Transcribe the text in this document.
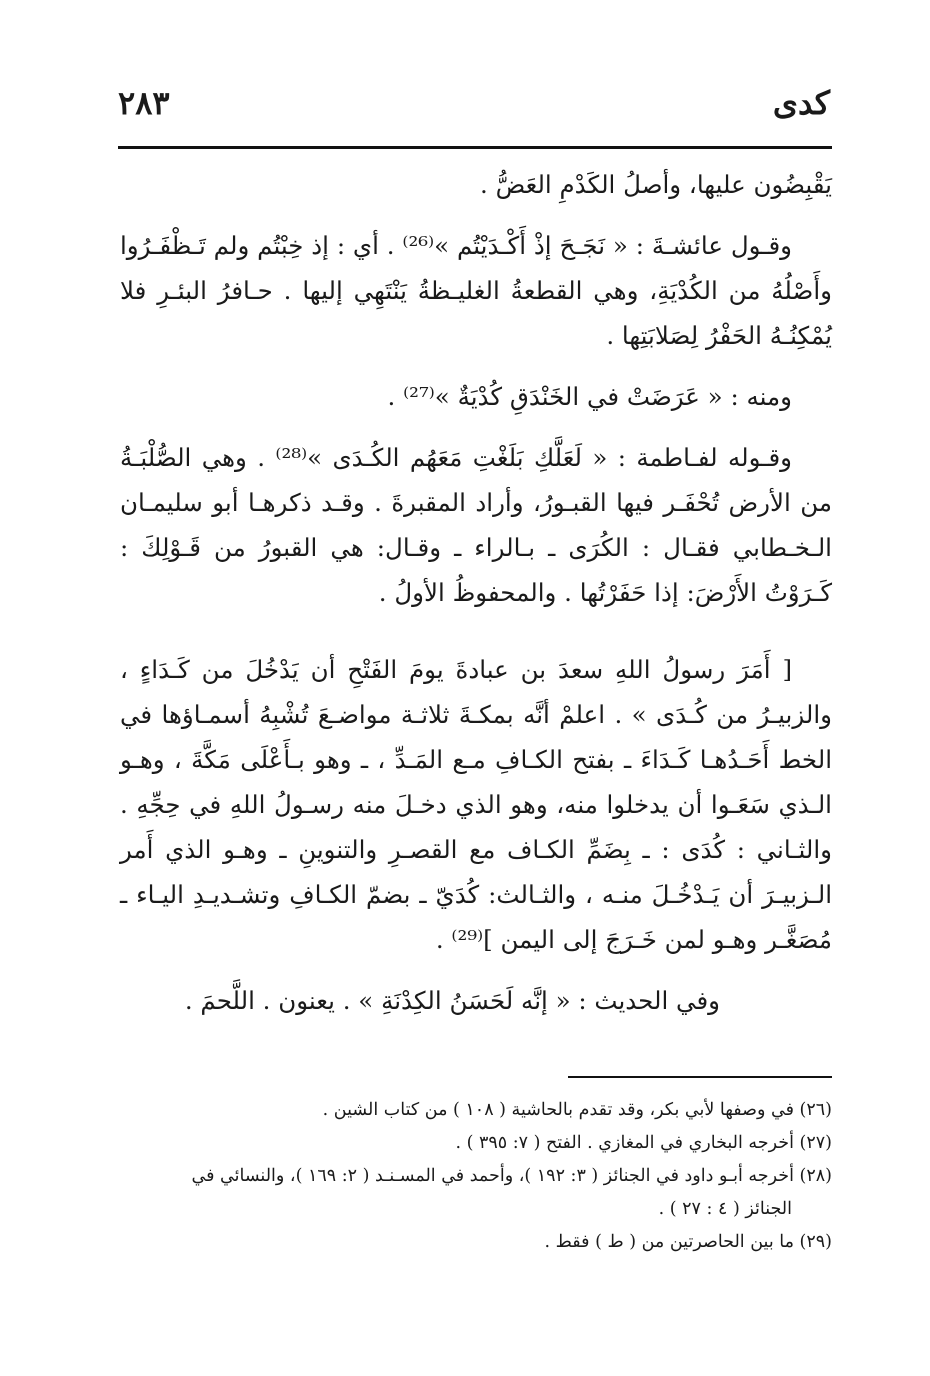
كدى
٢٨٣

يَقْبِضُون عليها، وأصلُ الكَدْمِ العَضُّ .

وقـول عائشـةَ : « نَجَـحَ إذْ أَكْـدَيْتُم »⁽²⁶⁾ . أي : إذ خِبْتُم ولم تَـظْفَـرُوا وأَصْلُهُ من الكُدْيَةِ، وهي القطعةُ الغليـظةُ يَنْتَهِي إليها . حـافرُ البئـرِ فلا يُمْكِنُـهُ الحَفْرُ لِصَلابَتِها .

ومنه : « عَرَضَتْ في الخَنْدَقِ كُدْيَةٌ »⁽²⁷⁾ .

وقـوله لفـاطمة : « لَعَلَّكِ بَلَغْتِ مَعَهُم الكُـدَى »⁽²⁸⁾ . وهي الصُّلْبَـةُ من الأرض تُحْفَـر فيها القبـورُ، وأراد المقبرةَ . وقـد ذكرهـا أبو سليمـان الـخـطابي فقـال : الكُرَى ـ بـالراء ـ وقـال: هي القبورُ من قَـوْلِكَ : كَـرَوْتُ الأَرْضَ: إذا حَفَرْتُها . والمحفوظُ الأولُ .

[ أَمَرَ رسولُ اللهِ سعدَ بن عبادةَ يومَ الفَتْحِ أن يَدْخُلَ من كَـدَاءٍ ، والزبيـرُ من كُـدَى » . اعلمْ أنَّه بمكـةَ ثلاثـة مواضـعَ تُشْبِهُ أسمـاؤها في الخط أَحَـدُهـا كَـدَاءَ ـ بفتح الكـافِ مـع المَـدِّ ، ـ وهو بـأَعْلَى مَكَّةَ ، وهـو الـذي سَعَـوا أن يدخلوا منه، وهو الذي دخـلَ منه رسـولُ اللهِ في حِجِّهِ . والثـاني : كُدَى : ـ بِضَمِّ الكـاف مع القصـرِ والتنوينِ ـ وهـو الذي أَمر الـزبيـرَ أن يَـدْخُـلَ منـه ، والثـالث: كُدَيّ ـ بضمّ الكـافِ وتشـديـدِ اليـاء ـ مُصَغَّـر وهـو لمن خَـرَجَ إلى اليمن ]⁽²⁹⁾ .

وفي الحديث : « إنَّه لَحَسَنُ الكِدْنَةِ » . يعنون . اللَّحمَ .

(٢٦) في وصفها لأبي بكر، وقد تقدم بالحاشية ( ١٠٨ ) من كتاب الشين .

(٢٧) أخرجه البخاري في المغازي . الفتح ( ٧: ٣٩٥ ) .

(٢٨) أخرجه أبـو داود في الجنائز ( ٣: ١٩٢ )، وأحمد في المسـنـد ( ٢: ١٦٩ )، والنسائي في

الجنائز ( ٤ : ٢٧ ) .

(٢٩) ما بين الحاصرتين من ( ط ) فقط .
